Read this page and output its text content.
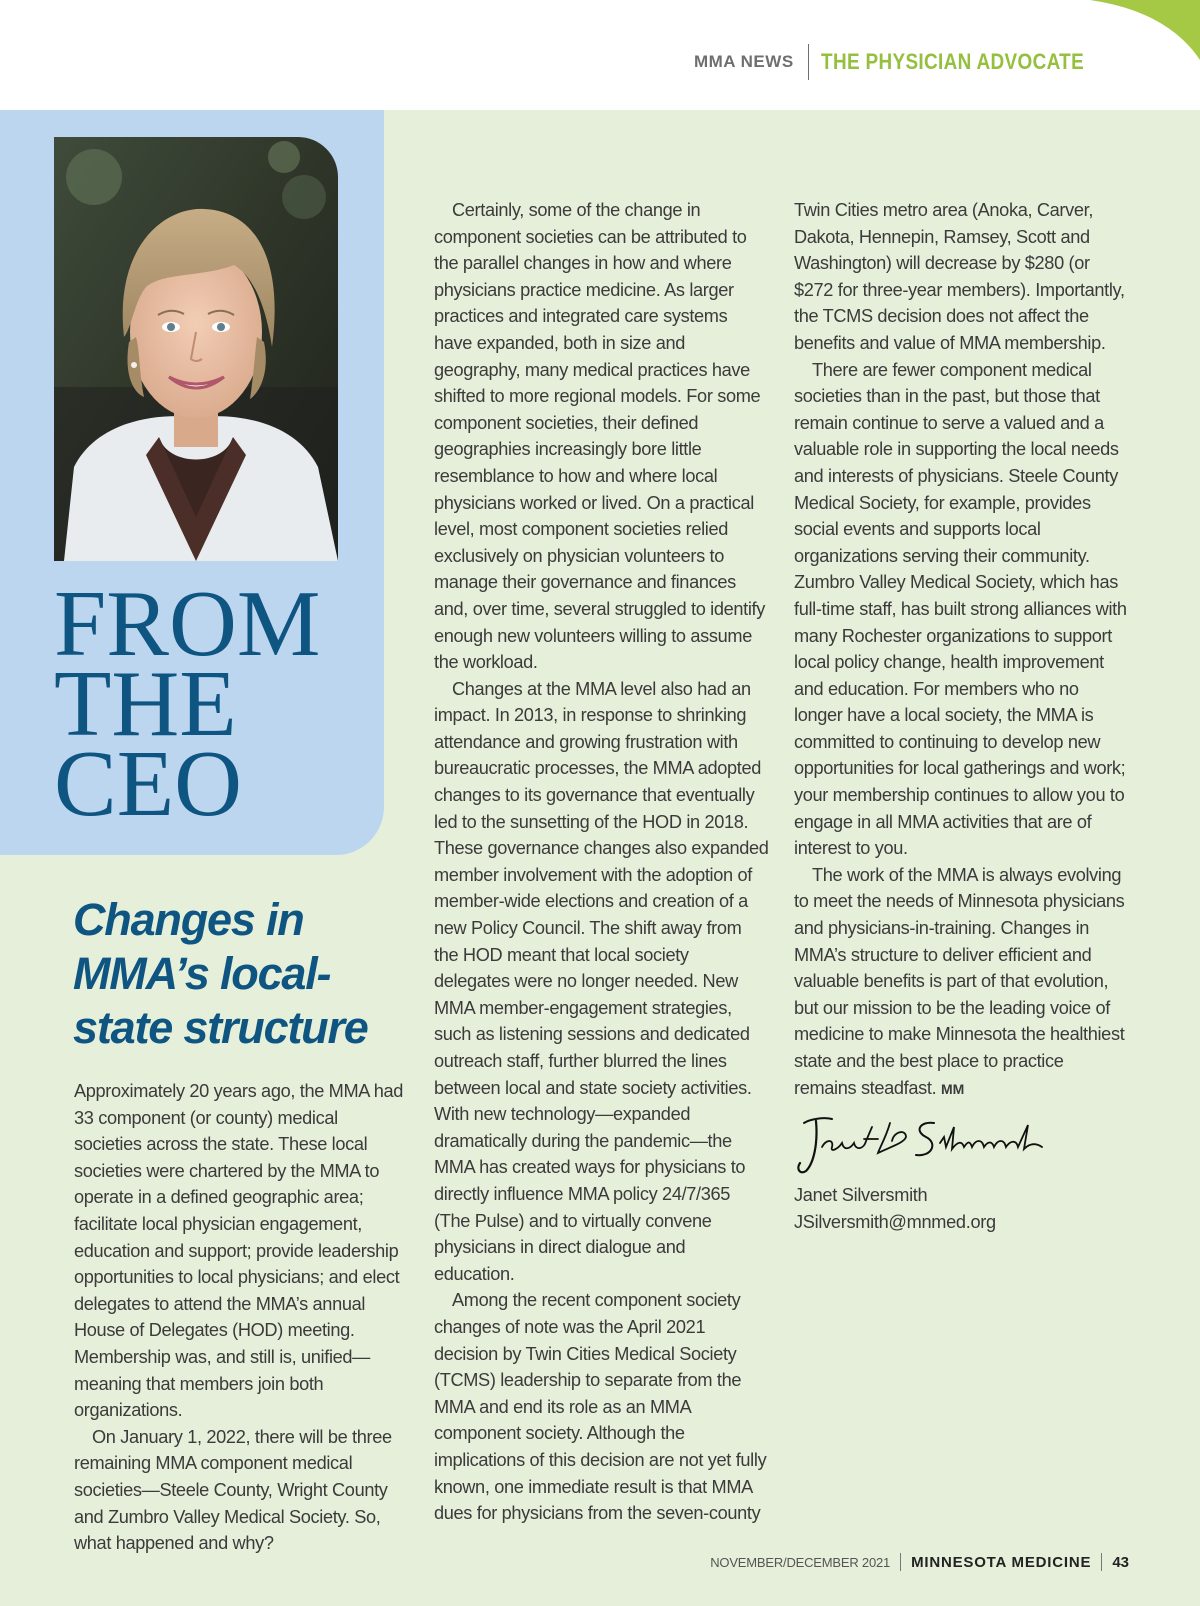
MMA NEWS	THE PHYSICIAN ADVOCATE
FROM
THE
CEO
Changes in
MMA’s local-
state structure

Approximately 20 years ago, the MMA had 33 component (or county) medical societies across the state. These local societies were chartered by the MMA to operate in a defined geographic area; facilitate local physician engagement, education and support; provide leadership opportunities to local physicians; and elect delegates to attend the MMA’s annual House of Delegates (HOD) meeting. Membership was, and still is, unified—meaning that members join both organizations.

On January 1, 2022, there will be three remaining MMA component medical societies—Steele County, Wright County and Zumbro Valley Medical Society. So, what happened and why?

Certainly, some of the change in component societies can be attributed to the parallel changes in how and where physicians practice medicine. As larger practices and integrated care systems have expanded, both in size and geography, many medical practices have shifted to more regional models. For some component societies, their defined geographies increasingly bore little resemblance to how and where local physicians worked or lived. On a practical level, most component societies relied exclusively on physician volunteers to manage their governance and finances and, over time, several struggled to identify enough new volunteers willing to assume the workload.

Changes at the MMA level also had an impact. In 2013, in response to shrinking attendance and growing frustration with bureaucratic processes, the MMA adopted changes to its governance that eventually led to the sunsetting of the HOD in 2018. These governance changes also expanded member involvement with the adoption of member-wide elections and creation of a new Policy Council. The shift away from the HOD meant that local society delegates were no longer needed. New MMA member-engagement strategies, such as listening sessions and dedicated outreach staff, further blurred the lines between local and state society activities. With new technology—expanded dramatically during the pandemic—the MMA has created ways for physicians to directly influence MMA policy 24/7/365 (The Pulse) and to virtually convene physicians in direct dialogue and education.

Among the recent component society changes of note was the April 2021 decision by Twin Cities Medical Society (TCMS) leadership to separate from the MMA and end its role as an MMA component society. Although the implications of this decision are not yet fully known, one immediate result is that MMA dues for physicians from the seven-county

Twin Cities metro area (Anoka, Carver, Dakota, Hennepin, Ramsey, Scott and Washington) will decrease by $280 (or $272 for three-year members). Importantly, the TCMS decision does not affect the benefits and value of MMA membership.

There are fewer component medical societies than in the past, but those that remain continue to serve a valued and a valuable role in supporting the local needs and interests of physicians. Steele County Medical Society, for example, provides social events and supports local organizations serving their community. Zumbro Valley Medical Society, which has full-time staff, has built strong alliances with many Rochester organizations to support local policy change, health improvement and education. For members who no longer have a local society, the MMA is committed to continuing to develop new opportunities for local gatherings and work; your membership continues to allow you to engage in all MMA activities that are of interest to you.

The work of the MMA is always evolving to meet the needs of Minnesota physicians and physicians-in-training. Changes in MMA’s structure to deliver efficient and valuable benefits is part of that evolution, but our mission to be the leading voice of medicine to make Minnesota the healthiest state and the best place to practice remains steadfast. MM

Janet Silversmith
JSilversmith@mnmed.org
NOVEMBER/DECEMBER 2021 MINNESOTA MEDICINE 43
